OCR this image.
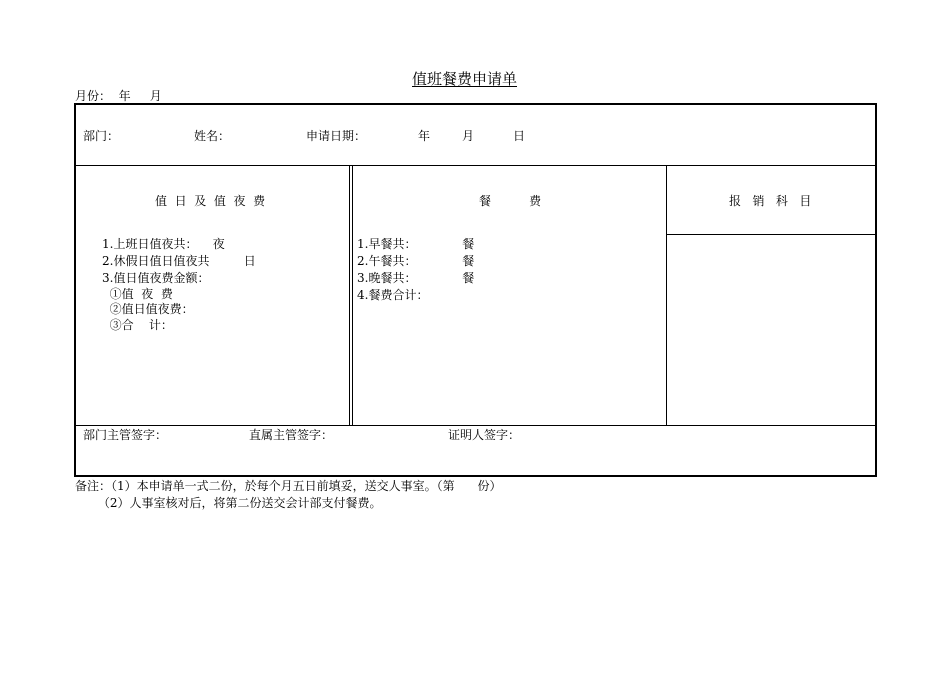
值班餐费申请单
月份：  年     月
部门：	姓名：	申请日期：	年	月	日
值  日  及  值  夜  费	餐          费	报   销   科   目
1.上班日值夜共：    夜
2.休假日值日值夜共         日
3.值日值夜费金额：
①值  夜  费
②值日值夜费：
③合    计：
1.早餐共：            餐
2.午餐共：            餐
3.晚餐共：            餐
4.餐费合计：
部门主管签字：	直属主管签字：	证明人签字：
备注：（1）本申请单一式二份，於每个月五日前填妥，送交人事室。（第      份）
（2）人事室核对后，将第二份送交会计部支付餐费。
